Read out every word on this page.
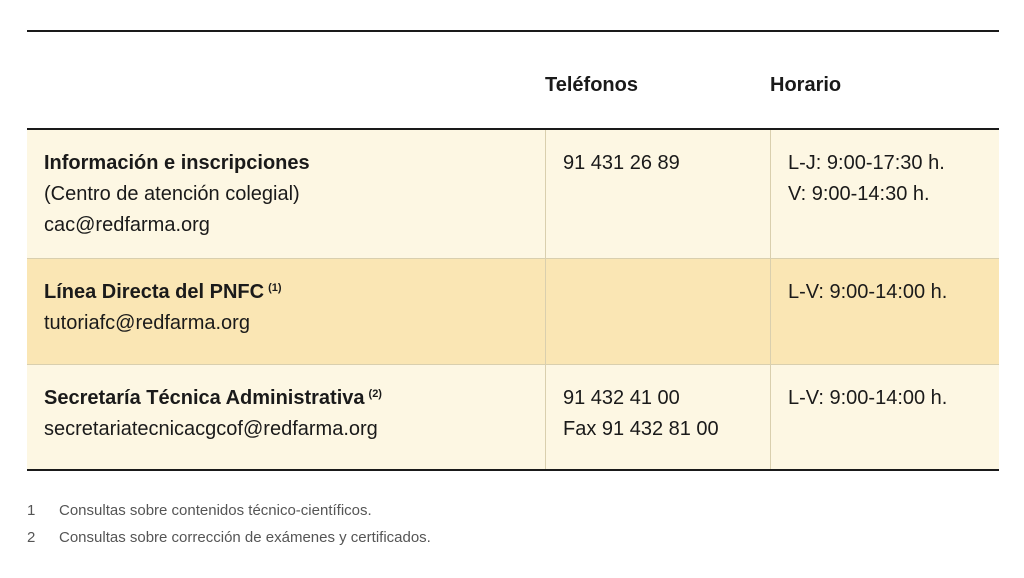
Teléfonos	Horario
Información e inscripciones
(Centro de atención colegial)
cac@redfarma.org
91 431 26 89	L-J: 9:00-17:30 h.
V: 9:00-14:30 h.
Línea Directa del PNFC $^{(1)}$
tutoriafc@redfarma.org
L-V: 9:00-14:00 h.
Secretaría Técnica Administrativa $^{(2)}$
secretariatecnicacgcof@redfarma.org
91 432 41 00
Fax 91 432 81 00
L-V: 9:00-14:00 h.
1 Consultas sobre contenidos técnico-científicos.
2 Consultas sobre corrección de exámenes y certificados.
